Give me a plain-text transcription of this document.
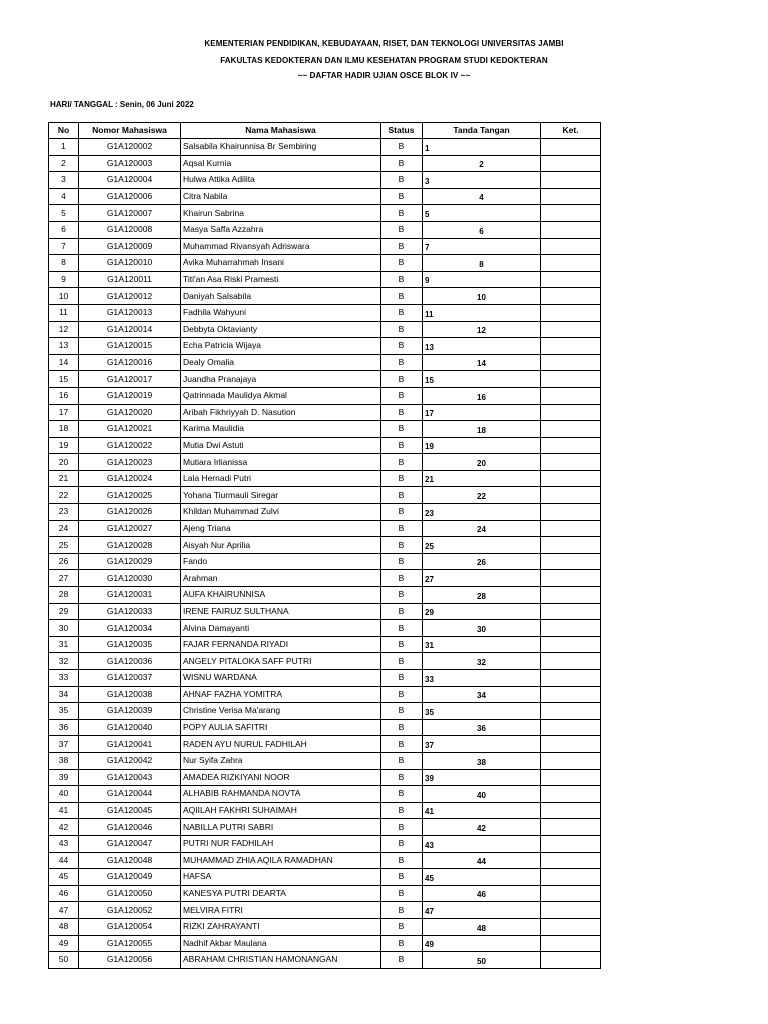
KEMENTERIAN PENDIDIKAN, KEBUDAYAAN, RISET, DAN TEKNOLOGI UNIVERSITAS JAMBI
FAKULTAS KEDOKTERAN DAN ILMU KESEHATAN PROGRAM STUDI KEDOKTERAN
~~ DAFTAR HADIR UJIAN OSCE BLOK IV ~~
HARI/ TANGGAL : Senin, 06 Juni 2022
No	Nomor Mahasiswa	Nama Mahasiswa	Status	Tanda Tangan	Ket.
1	G1A120002	Salsabila Khairunnisa Br Sembiring	B	1	
2	G1A120003	Aqsal Kurnia	B	2	
3	G1A120004	Hulwa Attika Adilita	B	3	
4	G1A120006	Citra Nabila	B	4	
5	G1A120007	Khairun Sabrina	B	5	
6	G1A120008	Masya Saffa Azzahra	B	6	
7	G1A120009	Muhammad Rivansyah Adriswara	B	7	
8	G1A120010	Avika Muharrahmah Insani	B	8	
9	G1A120011	Titi'an Asa Riski Pramesti	B	9	
10	G1A120012	Daniyah Salsabila	B	10	
11	G1A120013	Fadhila Wahyuni	B	11	
12	G1A120014	Debbyta Oktavianty	B	12	
13	G1A120015	Echa Patricia Wijaya	B	13	
14	G1A120016	Dealy Omalia	B	14	
15	G1A120017	Juandha Pranajaya	B	15	
16	G1A120019	Qatrinnada Maulidya Akmal	B	16	
17	G1A120020	Aribah Fikhriyyah D. Nasution	B	17	
18	G1A120021	Karima Maulidia	B	18	
19	G1A120022	Mutia Dwi Astuti	B	19	
20	G1A120023	Mutiara Irlianissa	B	20	
21	G1A120024	Lala Hernadi Putri	B	21	
22	G1A120025	Yohana Tiurmauli Siregar	B	22	
23	G1A120026	Khildan Muhammad Zulvi	B	23	
24	G1A120027	Ajeng Triana	B	24	
25	G1A120028	Aisyah Nur Aprilia	B	25	
26	G1A120029	Fando	B	26	
27	G1A120030	Arahman	B	27	
28	G1A120031	AUFA KHAIRUNNISA	B	28	
29	G1A120033	IRENE FAIRUZ SULTHANA	B	29	
30	G1A120034	Alvina Damayanti	B	30	
31	G1A120035	FAJAR FERNANDA RIYADI	B	31	
32	G1A120036	ANGELY PITALOKA SAFF PUTRI	B	32	
33	G1A120037	WISNU WARDANA	B	33	
34	G1A120038	AHNAF FAZHA YOMITRA	B	34	
35	G1A120039	Christine Verisa Ma'arang	B	35	
36	G1A120040	POPY AULIA SAFITRI	B	36	
37	G1A120041	RADEN AYU NURUL FADHILAH	B	37	
38	G1A120042	Nur Syifa Zahra	B	38	
39	G1A120043	AMADEA RIZKIYANI NOOR	B	39	
40	G1A120044	ALHABIB RAHMANDA NOVTA	B	40	
41	G1A120045	AQIILAH FAKHRI SUHAIMAH	B	41	
42	G1A120046	NABILLA PUTRI SABRI	B	42	
43	G1A120047	PUTRI NUR FADHILAH	B	43	
44	G1A120048	MUHAMMAD ZHIA AQILA RAMADHAN	B	44	
45	G1A120049	HAFSA	B	45	
46	G1A120050	KANESYA PUTRI DEARTA	B	46	
47	G1A120052	MELVIRA FITRI	B	47	
48	G1A120054	RIZKI ZAHRAYANTI	B	48	
49	G1A120055	Nadhif Akbar Maulana	B	49	
50	G1A120056	ABRAHAM CHRISTIAN HAMONANGAN	B	50	
